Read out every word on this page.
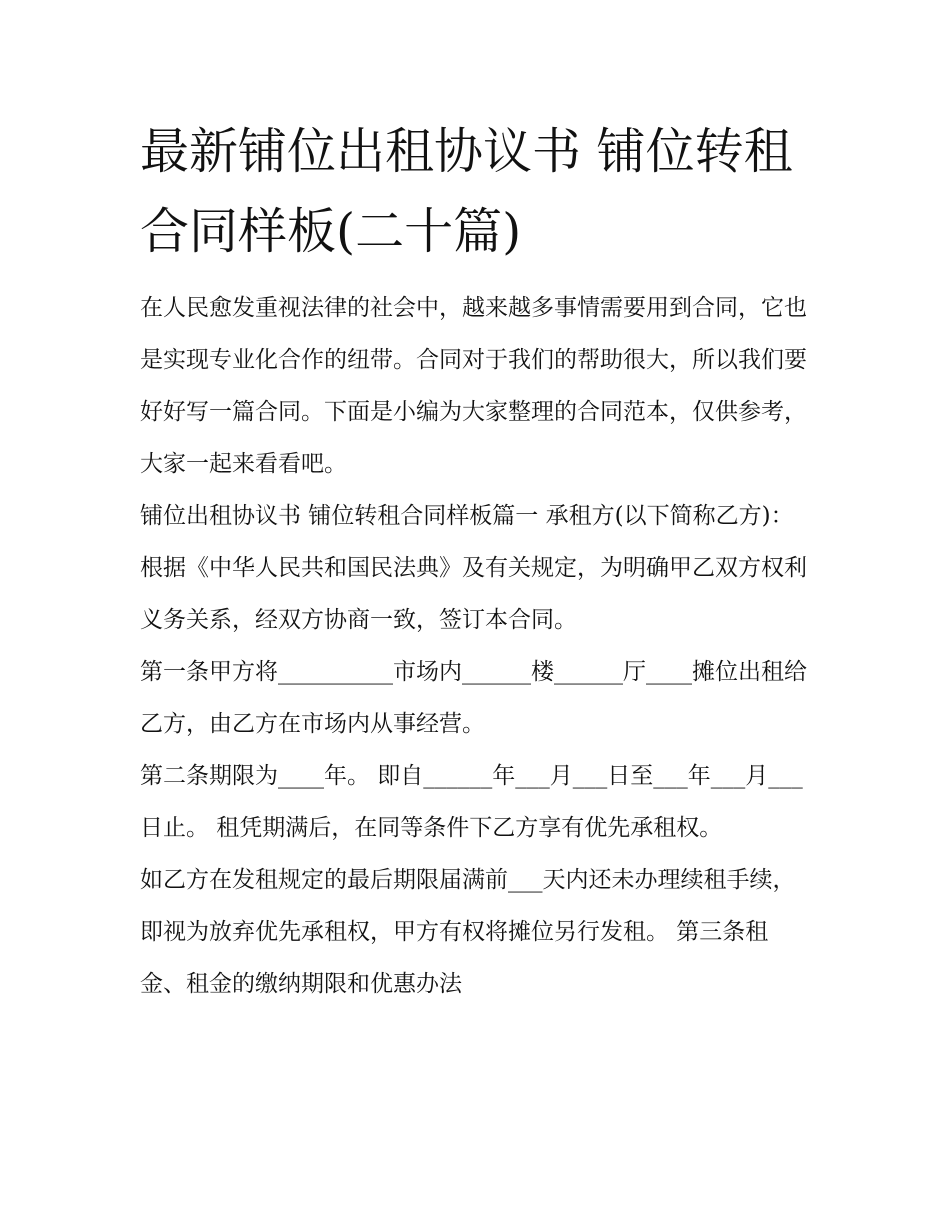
最新铺位出租协议书 铺位转租
合同样板(二十篇)

在人民愈发重视法律的社会中，越来越多事情需要用到合同，它也是实现专业化合作的纽带。合同对于我们的帮助很大，所以我们要好好写一篇合同。下面是小编为大家整理的合同范本，仅供参考，大家一起来看看吧。

铺位出租协议书 铺位转租合同样板篇一 承租方(以下简称乙方)：

根据《中华人民共和国民法典》及有关规定，为明确甲乙双方权利义务关系，经双方协商一致，签订本合同。

第一条甲方将__________市场内______楼______厅____摊位出租给乙方，由乙方在市场内从事经营。

第二条期限为____年。 即自______年___月___日至___年___月___日止。 租凭期满后，在同等条件下乙方享有优先承租权。

如乙方在发租规定的最后期限届满前___天内还未办理续租手续，即视为放弃优先承租权，甲方有权将摊位另行发租。 第三条租金、租金的缴纳期限和优惠办法
